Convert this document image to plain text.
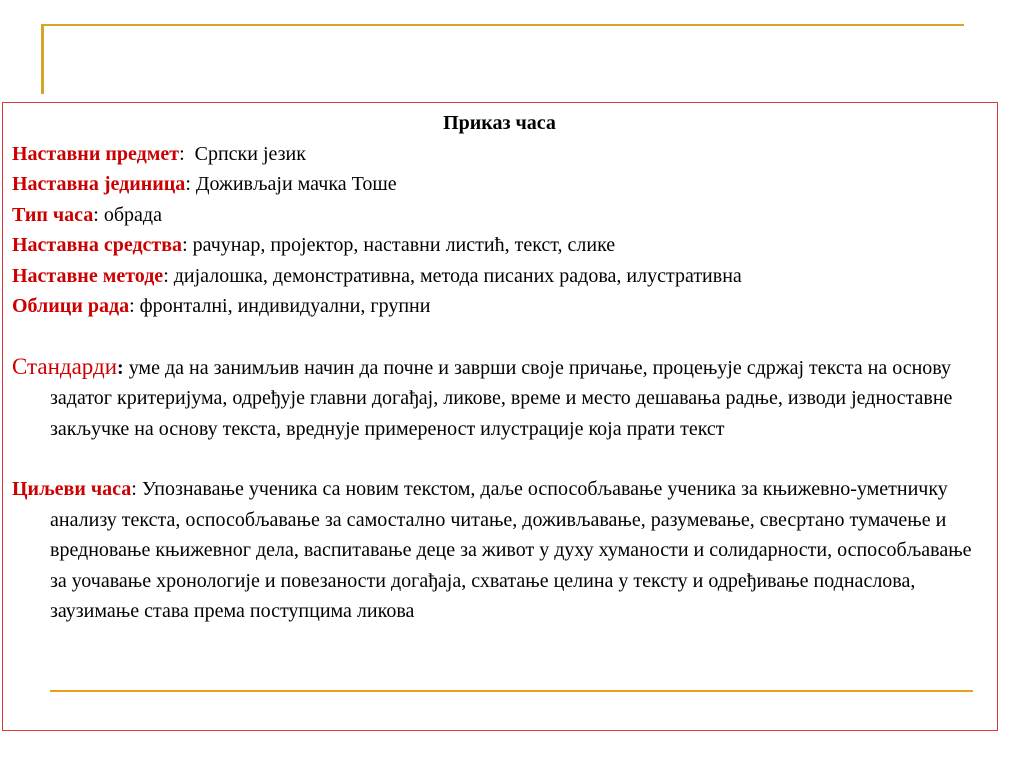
Приказ часа
Наставни предмет:  Српски језик
Наставна јединица: Доживљаји мачка Тоше
Тип часа: обрада
Наставна средства: рачунар, пројектор, наставни листић, текст, слике
Наставне методе: дијалошка, демонстративна, метода писаних радова, илустративна
Облици рада: фронталнi, индивидуални, групни

Стандарди: уме да на занимљив начин да почне и заврши своје причање, процењује сдржај текста на основу задатог критеријума, одређује главни догађај, ликове, време и место дешавања радње, изводи једноставне закључке на основу текста, вреднује примереност илустрације која прати текст

Циљеви часа: Упознавање ученика са новим текстом, даље оспособљавање ученика за књижевно-уметничку анализу текста, оспособљавање за самостално читање, доживљавање, разумевање, свесртано тумачење и вредновање књижевног дела, васпитавање деце за живот у духу хуманости и солидарности, оспособљавање за уочавање хронологије и повезаности догађаја, схватање целина у тексту и одређивање поднаслова, заузимање става према поступцима ликова
